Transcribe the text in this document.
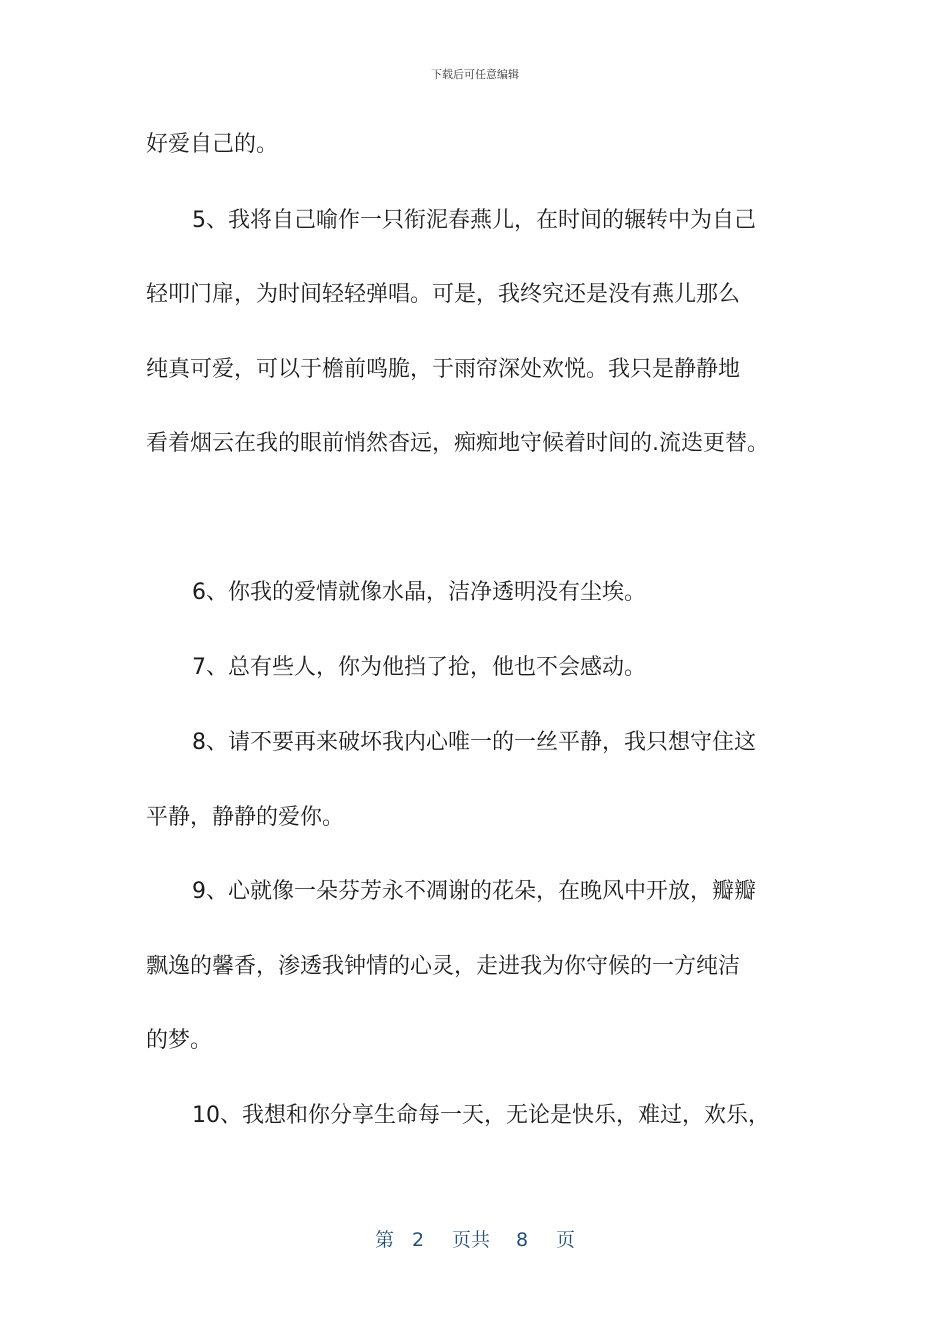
下载后可任意编辑
好爱自己的。
5、我将自己喻作一只衔泥春燕儿，在时间的辗转中为自己
轻叩门扉，为时间轻轻弹唱。可是，我终究还是没有燕儿那么
纯真可爱，可以于檐前鸣脆，于雨帘深处欢悦。我只是静静地
看着烟云在我的眼前悄然杳远，痴痴地守候着时间的.流迭更替。
6、你我的爱情就像水晶，洁净透明没有尘埃。
7、总有些人，你为他挡了抢，他也不会感动。
8、请不要再来破坏我内心唯一的一丝平静，我只想守住这
平静，静静的爱你。
9、心就像一朵芬芳永不凋谢的花朵，在晚风中开放，瓣瓣
飘逸的馨香，渗透我钟情的心灵，走进我为你守候的一方纯洁
的梦。
10、我想和你分享生命每一天，无论是快乐，难过，欢乐，
第 2 页共 8 页
